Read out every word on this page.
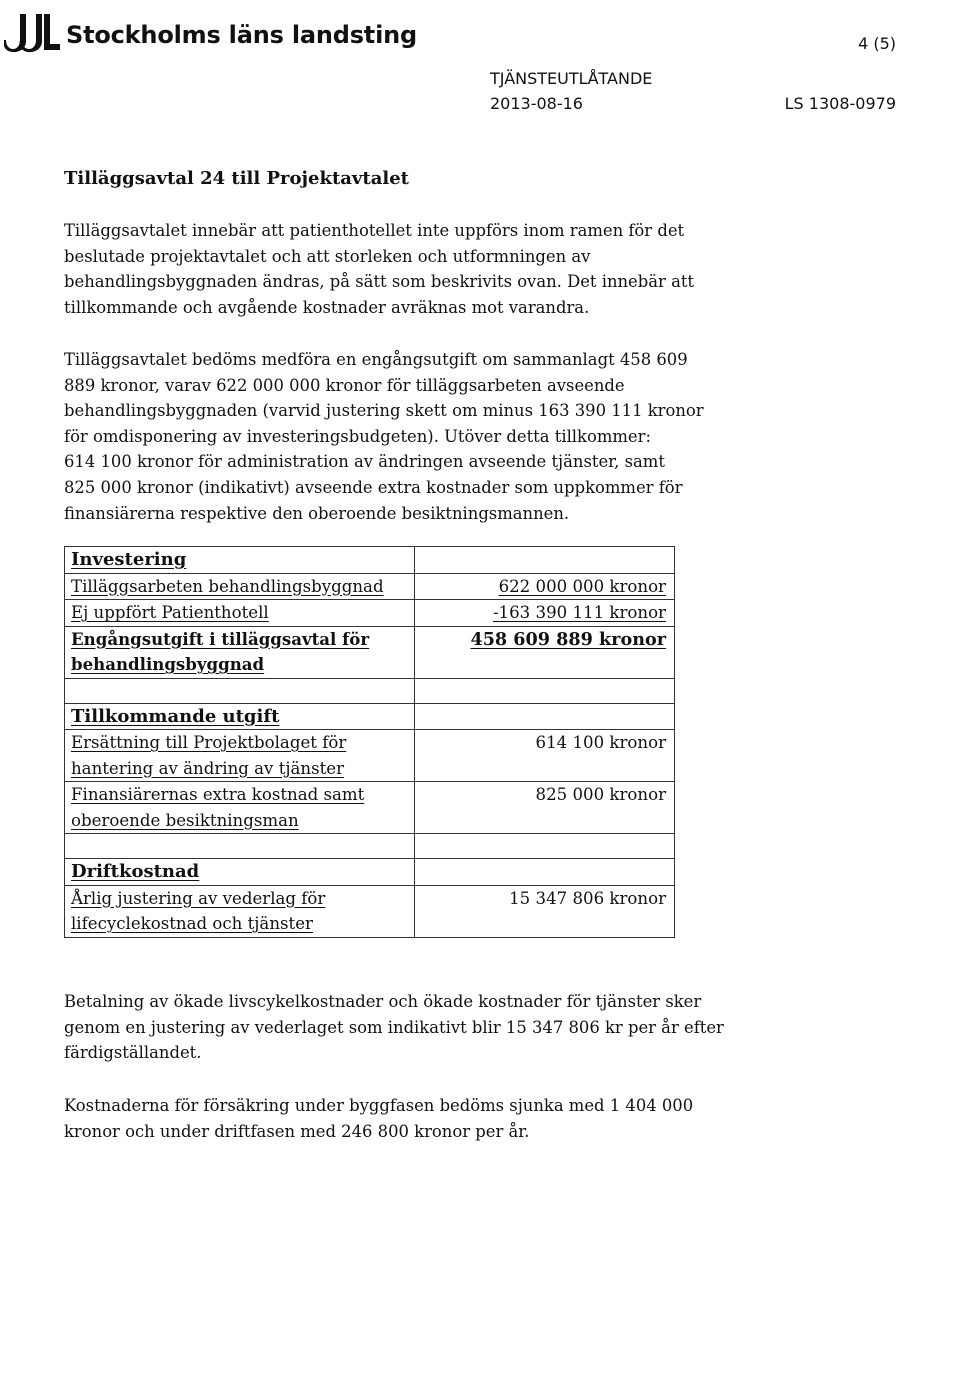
Stockholms läns landsting	4 (5)
TJÄNSTEUTLÅTANDE
2013-08-16	LS 1308-0979
Tilläggsavtal 24 till Projektavtalet

Tilläggsavtalet innebär att patienthotellet inte uppförs inom ramen för det
beslutade projektavtalet och att storleken och utformningen av
behandlingsbyggnaden ändras, på sätt som beskrivits ovan. Det innebär att
tillkommande och avgående kostnader avräknas mot varandra.

Tilläggsavtalet bedöms medföra en engångsutgift om sammanlagt 458 609
889 kronor, varav 622 000 000 kronor för tilläggsarbeten avseende
behandlingsbyggnaden (varvid justering skett om minus 163 390 111 kronor
för omdisponering av investeringsbudgeten). Utöver detta tillkommer:
614 100 kronor för administration av ändringen avseende tjänster, samt
825 000 kronor (indikativt) avseende extra kostnader som uppkommer för
finansiärerna respektive den oberoende besiktningsmannen.

Investering	
Tilläggsarbeten behandlingsbyggnad	622 000 000 kronor
Ej uppfört Patienthotell	-163 390 111 kronor
Engångsutgift i tilläggsavtal för
behandlingsbyggnad	458 609 889 kronor

Tillkommande utgift	
Ersättning till Projektbolaget för
hantering av ändring av tjänster	614 100 kronor
Finansiärernas extra kostnad samt
oberoende besiktningsman	825 000 kronor

Driftkostnad	
Årlig justering av vederlag för
lifecyclekostnad och tjänster	15 347 806 kronor

Betalning av ökade livscykelkostnader och ökade kostnader för tjänster sker
genom en justering av vederlaget som indikativt blir 15 347 806 kr per år efter
färdigställandet.

Kostnaderna för försäkring under byggfasen bedöms sjunka med 1 404 000
kronor och under driftfasen med 246 800 kronor per år.
